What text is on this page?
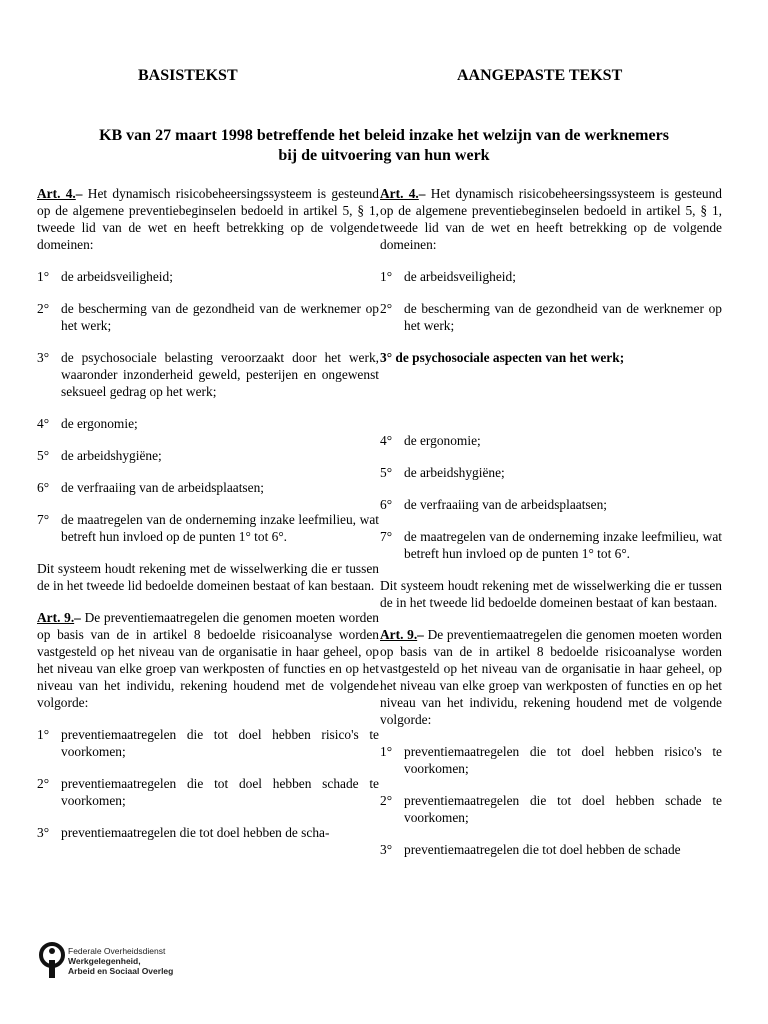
BASISTEKST	AANGEPASTE TEKST
KB van 27 maart 1998 betreffende het beleid inzake het welzijn van de werknemers
bij de uitvoering van hun werk

Art. 4.– Het dynamisch risicobeheersingssysteem is gesteund op de algemene preventiebeginselen bedoeld in artikel 5, § 1, tweede lid van de wet en heeft betrekking op de volgende domeinen:

1° de arbeidsveiligheid;
2° de bescherming van de gezondheid van de werknemer op het werk;
3° de psychosociale belasting veroorzaakt door het werk, waaronder inzonderheid geweld, pesterijen en ongewenst seksueel gedrag op het werk;
4° de ergonomie;
5° de arbeidshygiëne;
6° de verfraaiing van de arbeidsplaatsen;
7° de maatregelen van de onderneming inzake leefmilieu, wat betreft hun invloed op de punten 1° tot 6°.

Dit systeem houdt rekening met de wisselwerking die er tussen de in het tweede lid bedoelde domeinen bestaat of kan bestaan.

Art. 9.– De preventiemaatregelen die genomen moeten worden op basis van de in artikel 8 bedoelde risicoanalyse worden vastgesteld op het niveau van de organisatie in haar geheel, op het niveau van elke groep van werkposten of functies en op het niveau van het individu, rekening houdend met de volgende volgorde:

1° preventiemaatregelen die tot doel hebben risico's te voorkomen;
2° preventiemaatregelen die tot doel hebben schade te voorkomen;
3° preventiemaatregelen die tot doel hebben de scha-

Art. 4.– Het dynamisch risicobeheersingssysteem is gesteund op de algemene preventiebeginselen bedoeld in artikel 5, § 1, tweede lid van de wet en heeft betrekking op de volgende domeinen:

1° de arbeidsveiligheid;
2° de bescherming van de gezondheid van de werknemer op het werk;
3° de psychosociale aspecten van het werk;
4° de ergonomie;
5° de arbeidshygiëne;
6° de verfraaiing van de arbeidsplaatsen;
7° de maatregelen van de onderneming inzake leefmilieu, wat betreft hun invloed op de punten 1° tot 6°.

Dit systeem houdt rekening met de wisselwerking die er tussen de in het tweede lid bedoelde domeinen bestaat of kan bestaan.

Art. 9.– De preventiemaatregelen die genomen moeten worden op basis van de in artikel 8 bedoelde risicoanalyse worden vastgesteld op het niveau van de organisatie in haar geheel, op het niveau van elke groep van werkposten of functies en op het niveau van het individu, rekening houdend met de volgende volgorde:

1° preventiemaatregelen die tot doel hebben risico's te voorkomen;
2° preventiemaatregelen die tot doel hebben schade te voorkomen;
3° preventiemaatregelen die tot doel hebben de schade
Federale Overheidsdienst
Werkgelegenheid,
Arbeid en Sociaal Overleg
